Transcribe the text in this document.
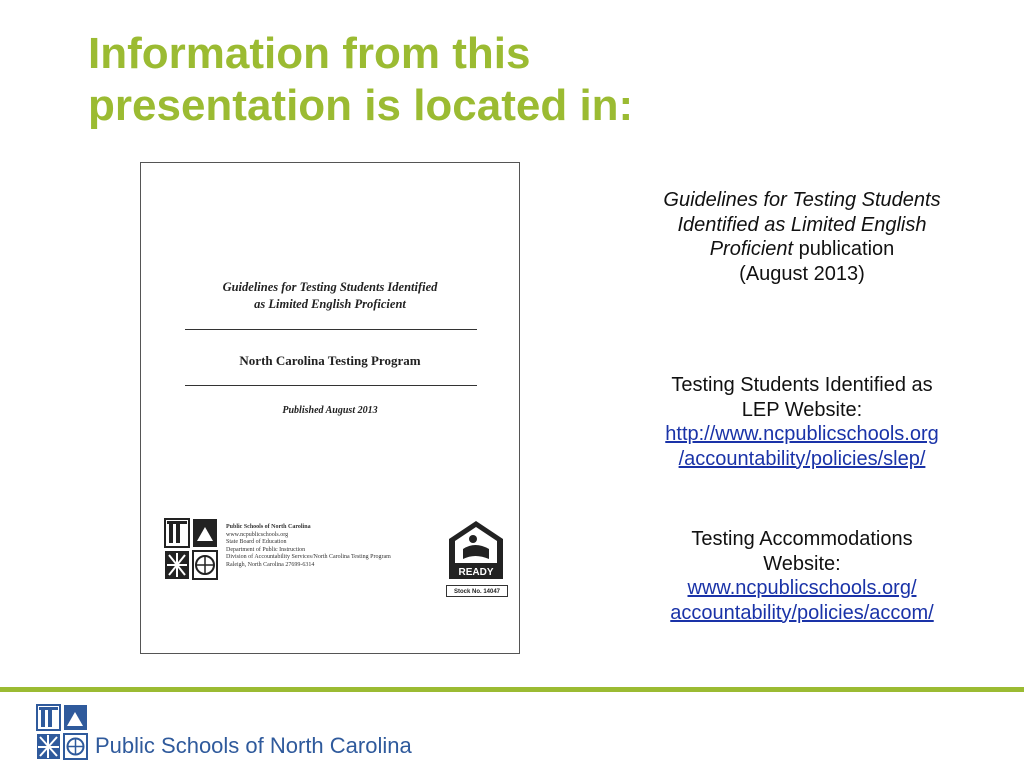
Information from this
presentation is located in:
Guidelines for Testing Students Identified
as Limited English Proficient
North Carolina Testing Program
Published August 2013
Public Schools of North Carolina
www.ncpublicschools.org
State Board of Education
Department of Public Instruction
Division of Accountability Services/North Carolina Testing Program
Raleigh, North Carolina 27699-6314
READY
Stock No. 14047
Guidelines for Testing Students
Identified as Limited English
Proficient publication
(August 2013)
Testing Students Identified as
LEP Website:
http://www.ncpublicschools.org
/accountability/policies/slep/
Testing Accommodations
Website:
www.ncpublicschools.org/
accountability/policies/accom/
Public Schools of North Carolina
